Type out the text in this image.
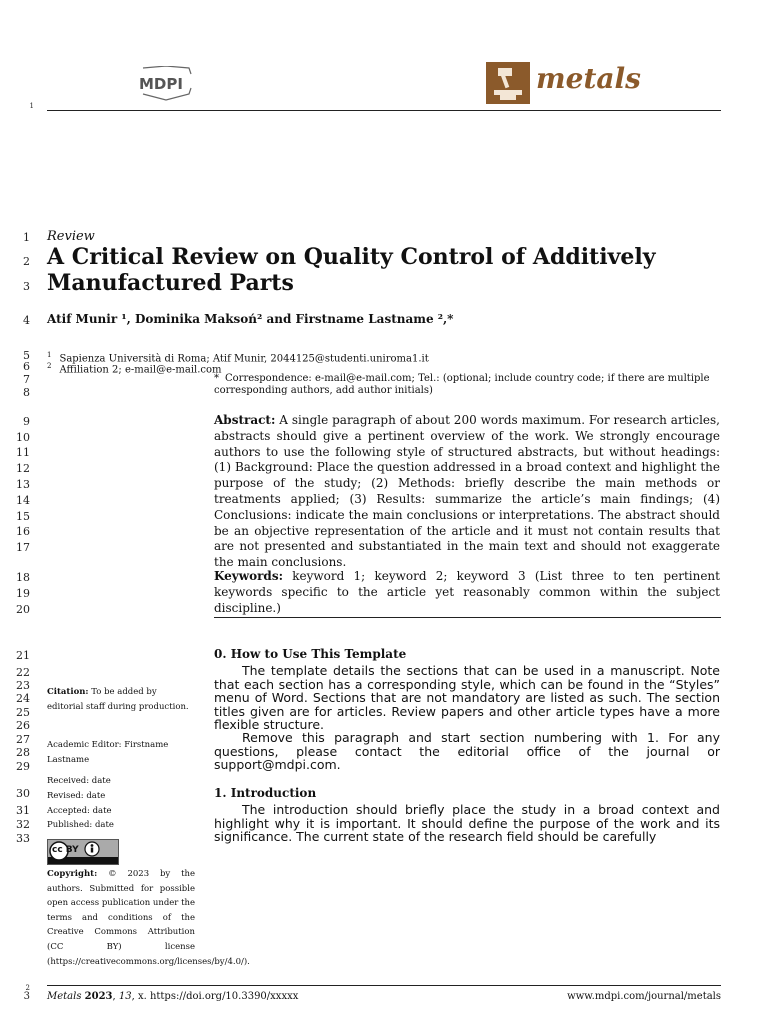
1
MDPI	metals
1
2
3
4
5
6
7
8
9
10
11
12
13
14
15
16
17
18
19
20
21
22
23
24
25
26
27
28
29
30
31
32
33
Review
A Critical Review on Quality Control of Additively Manufactured Parts
Atif Munir ¹, Dominika Maksoń² and Firstname Lastname ²,*
$^1$ Sapienza Università di Roma; Atif Munir, 2044125@studenti.uniroma1.it
$^2$ Affiliation 2; e-mail@e-mail.com
* Correspondence: e-mail@e-mail.com; Tel.: (optional; include country code; if there are multiple corresponding authors, add author initials)
Abstract: A single paragraph of about 200 words maximum. For research articles, abstracts should give a pertinent overview of the work. We strongly encourage authors to use the following style of structured abstracts, but without headings: (1) Background: Place the question addressed in a broad context and highlight the purpose of the study; (2) Methods: briefly describe the main methods or treatments applied; (3) Results: summarize the article’s main findings; (4) Conclusions: indicate the main conclusions or interpretations. The abstract should be an objective representation of the article and it must not contain results that are not presented and substantiated in the main text and should not exaggerate the main conclusions.
Keywords: keyword 1; keyword 2; keyword 3 (List three to ten pertinent keywords specific to the article yet reasonably common within the subject discipline.)
0. How to Use This Template
The template details the sections that can be used in a manuscript. Note that each section has a corresponding style, which can be found in the “Styles” menu of Word. Sections that are not mandatory are listed as such. The section titles given are for articles. Review papers and other article types have a more flexible structure.
Remove this paragraph and start section numbering with 1. For any questions, please contact the editorial office of the journal or support@mdpi.com.
1. Introduction
The introduction should briefly place the study in a broad context and highlight why it is important. It should define the purpose of the work and its significance. The current state of the research field should be carefully
Citation: To be added by editorial staff during production.
Academic Editor: Firstname Lastname
Received: date
Revised: date
Accepted: date
Published: date
cc BY
Copyright: © 2023 by the authors. Submitted for possible open access publication under the terms and conditions of the Creative Commons Attribution (CC BY) license (https://creativecommons.org/licenses/by/4.0/).
2
3 Metals 2023, 13, x. https://doi.org/10.3390/xxxxx	www.mdpi.com/journal/metals
